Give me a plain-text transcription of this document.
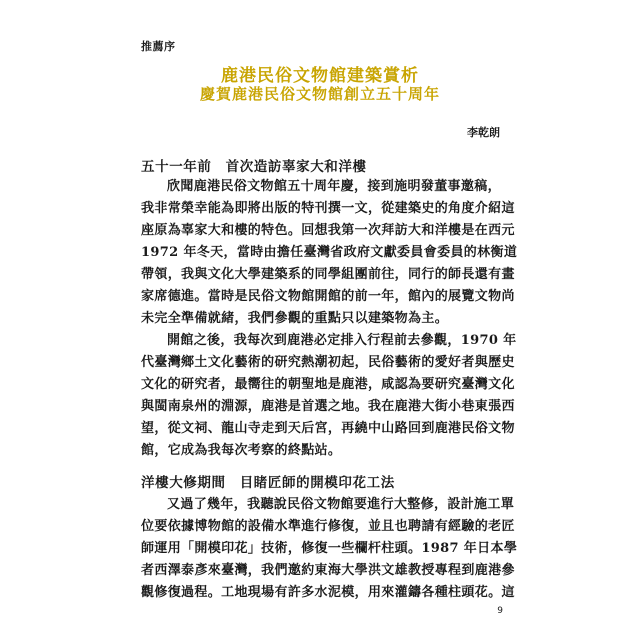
推薦序
鹿港民俗文物館建築賞析
慶賀鹿港民俗文物館創立五十周年
李乾朗
五十一年前　首次造訪辜家大和洋樓
欣聞鹿港民俗文物館五十周年慶，接到施明發董事邀稿，
我非常榮幸能為即將出版的特刊撰一文，從建築史的角度介紹這
座原為辜家大和樓的特色。回想我第一次拜訪大和洋樓是在西元
1972 年冬天，當時由擔任臺灣省政府文獻委員會委員的林衡道
帶領，我與文化大學建築系的同學組團前往，同行的師長還有畫
家席德進。當時是民俗文物館開館的前一年，館內的展覽文物尚
未完全準備就緒，我們參觀的重點只以建築物為主。
開館之後，我每次到鹿港必定排入行程前去參觀，1970 年
代臺灣鄉土文化藝術的研究熱潮初起，民俗藝術的愛好者與歷史
文化的研究者，最嚮往的朝聖地是鹿港，咸認為要研究臺灣文化
與閩南泉州的淵源，鹿港是首選之地。我在鹿港大街小巷東張西
望，從文祠、龍山寺走到天后宮，再繞中山路回到鹿港民俗文物
館，它成為我每次考察的終點站。
洋樓大修期間　目睹匠師的開模印花工法
又過了幾年，我聽說民俗文物館要進行大整修，設計施工單
位要依據博物館的設備水準進行修復，並且也聘請有經驗的老匠
師運用「開模印花」技術，修復一些欄杆柱頭。1987 年日本學
者西澤泰彥來臺灣，我們邀約東海大學洪文雄教授專程到鹿港參
觀修復過程。工地現場有許多水泥模，用來灌鑄各種柱頭花。這
9
